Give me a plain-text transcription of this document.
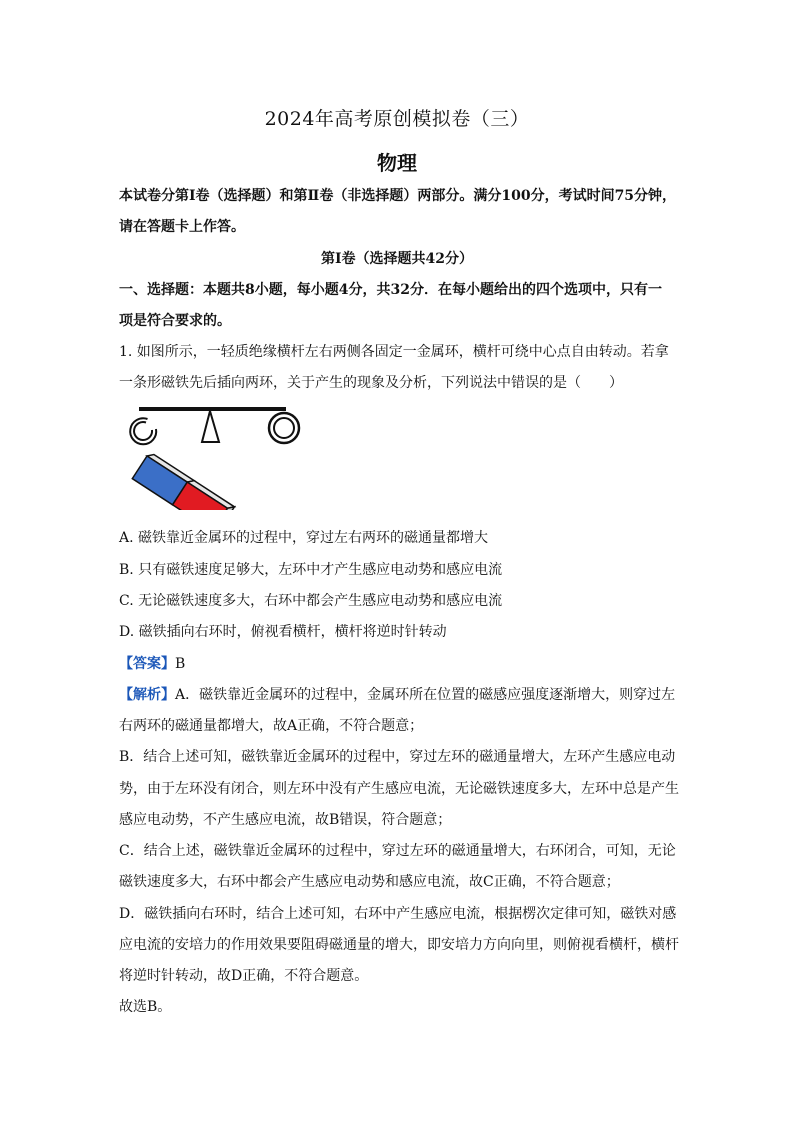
2024年高考原创模拟卷（三）
物理
本试卷分第Ⅰ卷（选择题）和第Ⅱ卷（非选择题）两部分。满分100分，考试时间75分钟，
请在答题卡上作答。
第Ⅰ卷（选择题共42分）
一、选择题：本题共8小题，每小题4分，共32分．在每小题给出的四个选项中，只有一
项是符合要求的。
1. 如图所示，一轻质绝缘横杆左右两侧各固定一金属环，横杆可绕中心点自由转动。若拿
一条形磁铁先后插向两环，关于产生的现象及分析，下列说法中错误的是（　　）
A. 磁铁靠近金属环的过程中，穿过左右两环的磁通量都增大
B. 只有磁铁速度足够大，左环中才产生感应电动势和感应电流
C. 无论磁铁速度多大，右环中都会产生感应电动势和感应电流
D. 磁铁插向右环时，俯视看横杆，横杆将逆时针转动
【答案】B
【解析】A．磁铁靠近金属环的过程中，金属环所在位置的磁感应强度逐渐增大，则穿过左
右两环的磁通量都增大，故A正确，不符合题意；
B．结合上述可知，磁铁靠近金属环的过程中，穿过左环的磁通量增大，左环产生感应电动
势，由于左环没有闭合，则左环中没有产生感应电流，无论磁铁速度多大，左环中总是产生
感应电动势，不产生感应电流，故B错误，符合题意；
C．结合上述，磁铁靠近金属环的过程中，穿过左环的磁通量增大，右环闭合，可知，无论
磁铁速度多大，右环中都会产生感应电动势和感应电流，故C正确，不符合题意；
D．磁铁插向右环时，结合上述可知，右环中产生感应电流，根据楞次定律可知，磁铁对感
应电流的安培力的作用效果要阻碍磁通量的增大，即安培力方向向里，则俯视看横杆，横杆
将逆时针转动，故D正确，不符合题意。
故选B。
